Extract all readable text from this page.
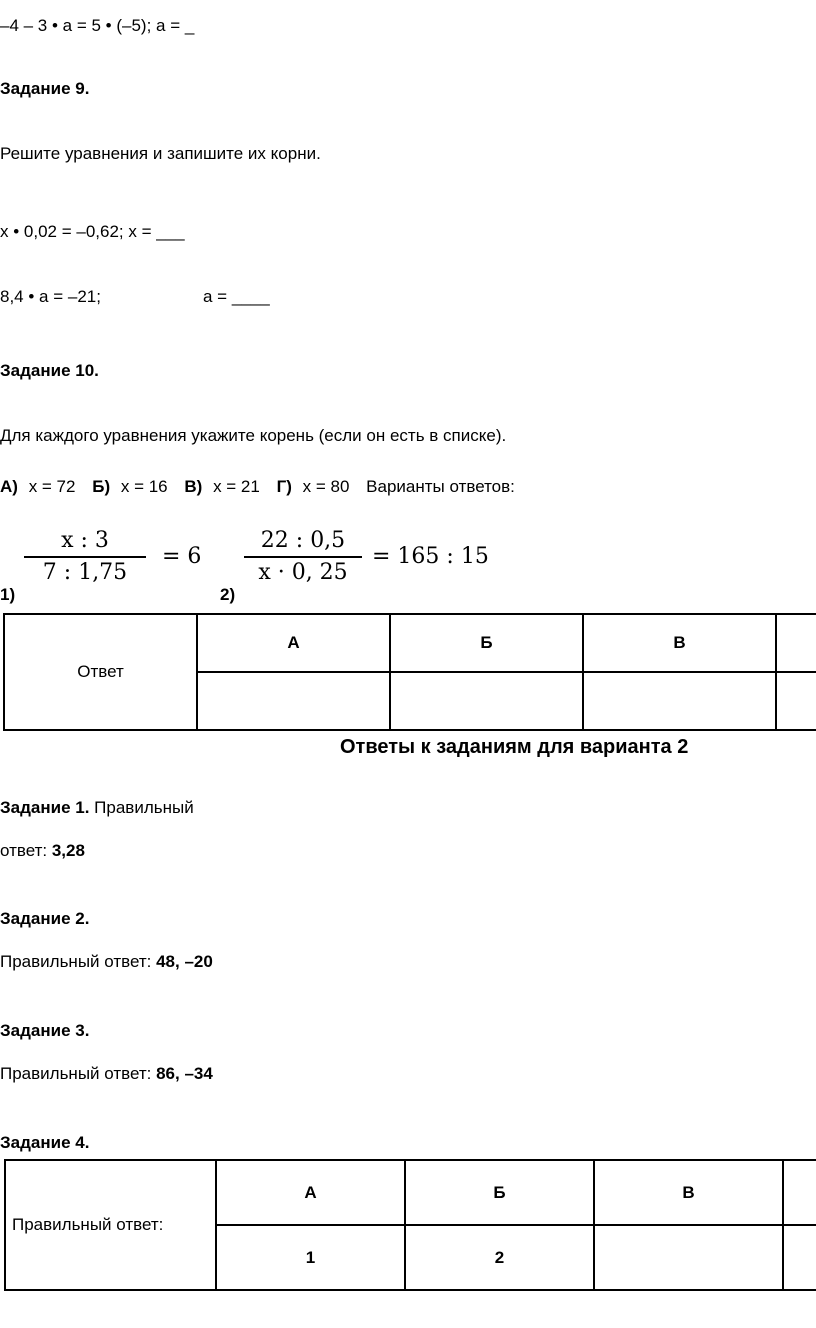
–4 – 3 • a = 5 • (–5); a = _
Задание 9.
Решите уравнения и запишите их корни.
x • 0,02 = –0,62; x = ___
8,4 • a = –21;	a = ____
Задание 10.
Для каждого уравнения укажите корень (если он есть в списке).
А) x = 72 Б) x = 16 В) x = 21 Г) x = 80 Варианты ответов:
1)
$\frac{x : 3}{7 : 1,75} = 6$
2)
$\frac{22 : 0,5}{x \cdot 0, 25} = 165$ : 15
Ответ	А	Б	В	

Ответы к заданиям для варианта 2
Задание 1. Правильный
ответ: 3,28
Задание 2.
Правильный ответ: 48, –20
Задание 3.
Правильный ответ: 86, –34
Задание 4.
Правильный ответ:	А	Б	В	
	1	2		
